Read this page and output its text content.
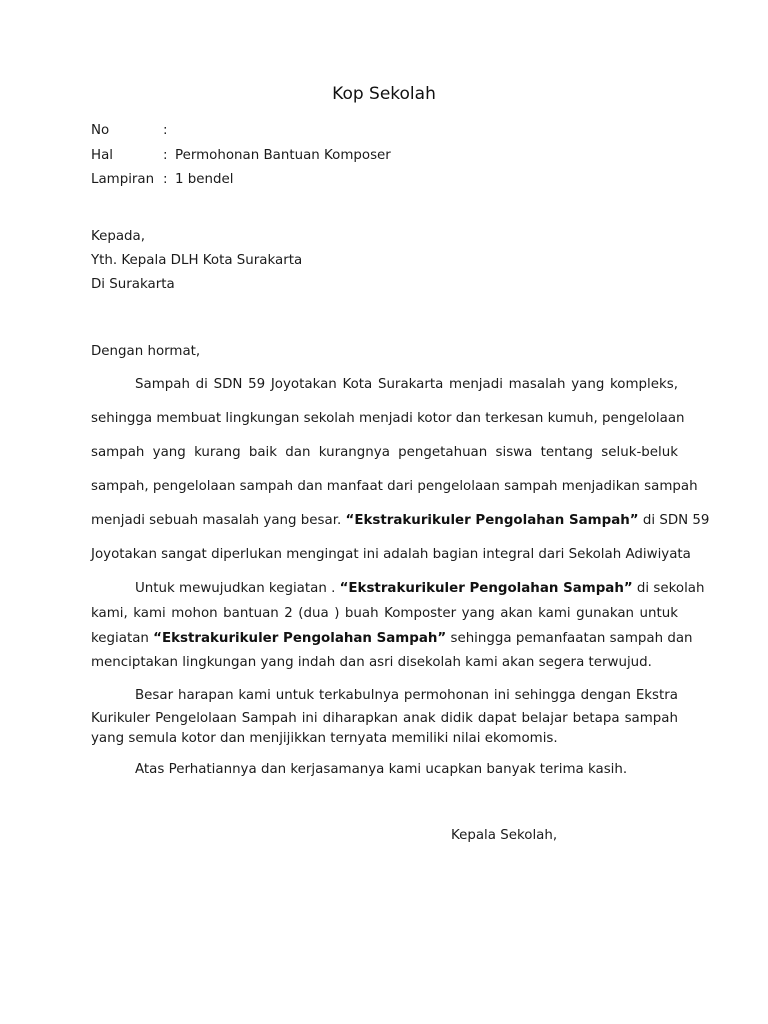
Kop Sekolah
No	:
Hal	: Permohonan Bantuan Komposer
Lampiran : 1 bendel
Kepada,
Yth. Kepala DLH Kota Surakarta
Di Surakarta
Dengan hormat,
Sampah di SDN 59 Joyotakan Kota Surakarta menjadi masalah yang kompleks,
sehingga membuat lingkungan sekolah menjadi kotor dan terkesan kumuh, pengelolaan
sampah yang kurang baik dan kurangnya pengetahuan siswa tentang seluk-beluk
sampah, pengelolaan sampah dan manfaat dari pengelolaan sampah menjadikan sampah
menjadi sebuah masalah yang besar. “Ekstrakurikuler Pengolahan Sampah” di SDN 59
Joyotakan sangat diperlukan mengingat ini adalah bagian integral dari Sekolah Adiwiyata
Untuk mewujudkan kegiatan . “Ekstrakurikuler Pengolahan Sampah” di sekolah
kami, kami mohon bantuan 2 (dua ) buah Komposter yang akan kami gunakan untuk
kegiatan “Ekstrakurikuler Pengolahan Sampah” sehingga pemanfaatan sampah dan
menciptakan lingkungan yang indah dan asri disekolah kami akan segera terwujud.
Besar harapan kami untuk terkabulnya permohonan ini sehingga dengan Ekstra
Kurikuler Pengelolaan Sampah ini diharapkan anak didik dapat belajar betapa sampah
yang semula kotor dan menjijikkan ternyata memiliki nilai ekomomis.
Atas Perhatiannya dan kerjasamanya kami ucapkan banyak terima kasih.
Kepala Sekolah,
